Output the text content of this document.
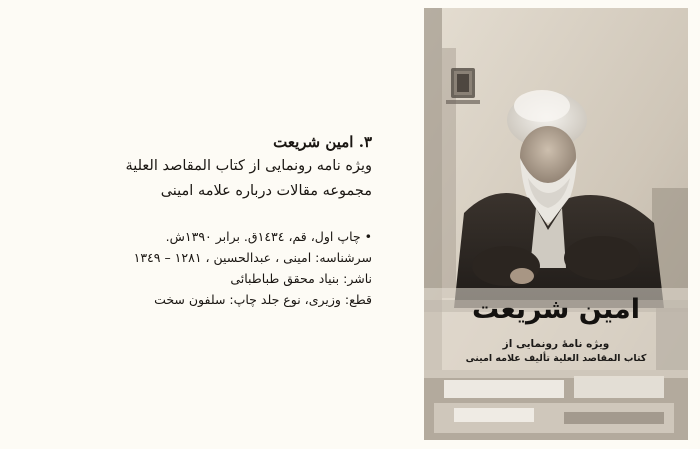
٣. امین شریعت
ویژه نامه رونمایی از کتاب المقاصد العلیة
مجموعه مقالات درباره علامه امینی
• چاپ اول، قم، ١٤٣٤ق. برابر ١٣٩٠ش.
سرشناسه: امینی ، عبدالحسین ، ١٢٨١ – ١٣٤٩
ناشر: بنیاد محقق طباطبائی
قطع: وزیری، نوع جلد چاپ: سلفون سخت	امین شریعت
ویژه نامهٔ رونمایی از
کتاب المقاصد العلیة تألیف علامه امینی
